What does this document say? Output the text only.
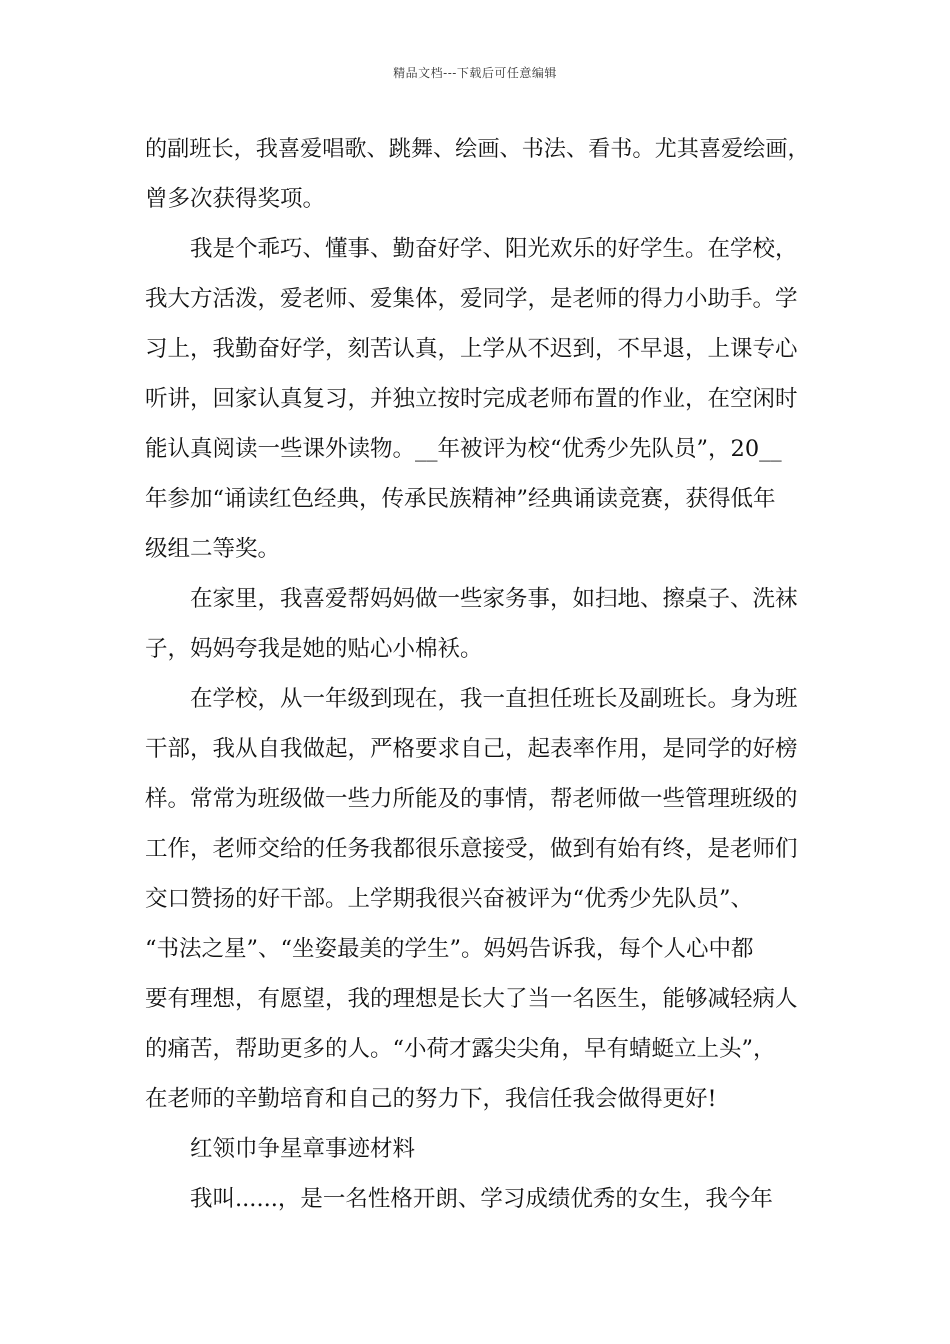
精品文档---下载后可任意编辑
的副班长，我喜爱唱歌、跳舞、绘画、书法、看书。尤其喜爱绘画，
曾多次获得奖项。
我是个乖巧、懂事、勤奋好学、阳光欢乐的好学生。在学校，
我大方活泼，爱老师、爱集体，爱同学，是老师的得力小助手。学
习上，我勤奋好学，刻苦认真，上学从不迟到，不早退，上课专心
听讲，回家认真复习，并独立按时完成老师布置的作业，在空闲时
能认真阅读一些课外读物。__年被评为校“优秀少先队员”，20__
年参加“诵读红色经典，传承民族精神”经典诵读竞赛，获得低年
级组二等奖。
在家里，我喜爱帮妈妈做一些家务事，如扫地、擦桌子、洗袜
子，妈妈夸我是她的贴心小棉袄。
在学校，从一年级到现在，我一直担任班长及副班长。身为班
干部，我从自我做起，严格要求自己，起表率作用，是同学的好榜
样。常常为班级做一些力所能及的事情，帮老师做一些管理班级的
工作，老师交给的任务我都很乐意接受，做到有始有终，是老师们
交口赞扬的好干部。上学期我很兴奋被评为“优秀少先队员”、
“书法之星”、“坐姿最美的学生”。妈妈告诉我，每个人心中都
要有理想，有愿望，我的理想是长大了当一名医生，能够减轻病人
的痛苦，帮助更多的人。“小荷才露尖尖角，早有蜻蜓立上头”，
在老师的辛勤培育和自己的努力下，我信任我会做得更好!
红领巾争星章事迹材料
我叫......，是一名性格开朗、学习成绩优秀的女生，我今年
